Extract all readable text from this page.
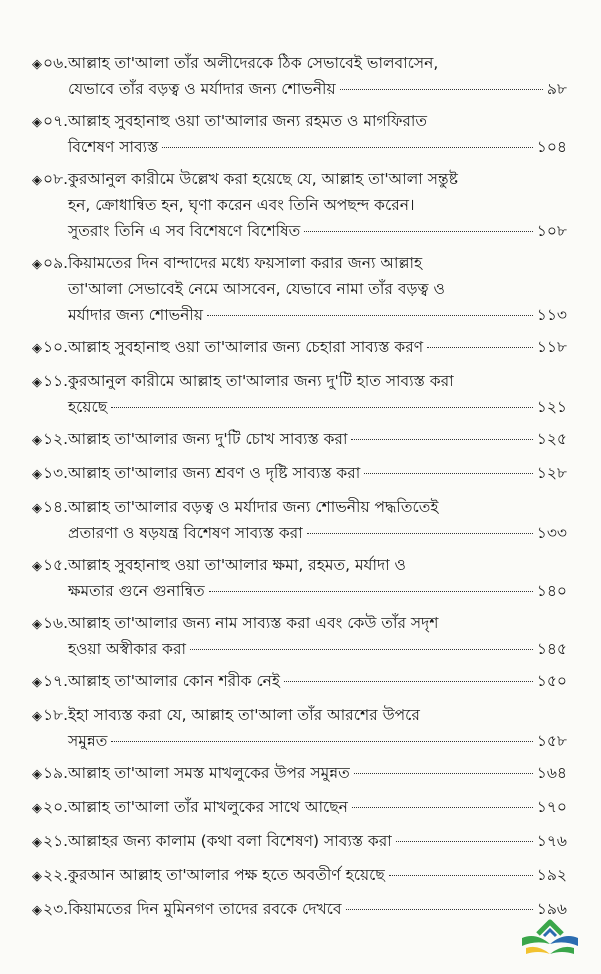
◈ ০৬. আল্লাহ তা'আলা তাঁর অলীদেরকে ঠিক সেভাবেই ভালবাসেন,
যেভাবে তাঁর বড়ত্ব ও মর্যাদার জন্য শোভনীয়	৯৮
◈ ০৭. আল্লাহ সুবহানাহু ওয়া তা'আলার জন্য রহমত ও মাগফিরাত
বিশেষণ সাব্যস্ত	১০৪
◈ ০৮. কুরআনুল কারীমে উল্লেখ করা হয়েছে যে, আল্লাহ তা'আলা সন্তুষ্ট
হন, ক্রোধান্বিত হন, ঘৃণা করেন এবং তিনি অপছন্দ করেন।
সুতরাং তিনি এ সব বিশেষণে বিশেষিত	১০৮
◈ ০৯. কিয়ামতের দিন বান্দাদের মধ্যে ফয়সালা করার জন্য আল্লাহ
তা'আলা সেভাবেই নেমে আসবেন, যেভাবে নামা তাঁর বড়ত্ব ও
মর্যাদার জন্য শোভনীয়	১১৩
◈ ১০. আল্লাহ সুবহানাহু ওয়া তা'আলার জন্য চেহারা সাব্যস্ত করণ	১১৮
◈ ১১. কুরআনুল কারীমে আল্লাহ তা'আলার জন্য দু'টি হাত সাব্যস্ত করা
হয়েছে	১২১
◈ ১২. আল্লাহ তা'আলার জন্য দু'টি চোখ সাব্যস্ত করা	১২৫
◈ ১৩. আল্লাহ তা'আলার জন্য শ্রবণ ও দৃষ্টি সাব্যস্ত করা	১২৮
◈ ১৪. আল্লাহ তা'আলার বড়ত্ব ও মর্যাদার জন্য শোভনীয় পদ্ধতিতেই
প্রতারণা ও ষড়যন্ত্র বিশেষণ সাব্যস্ত করা	১৩৩
◈ ১৫. আল্লাহ সুবহানাহু ওয়া তা'আলার ক্ষমা, রহমত, মর্যাদা ও
ক্ষমতার গুনে গুনান্বিত	১৪০
◈ ১৬. আল্লাহ তা'আলার জন্য নাম সাব্যস্ত করা এবং কেউ তাঁর সদৃশ
হওয়া অস্বীকার করা	১৪৫
◈ ১৭. আল্লাহ তা'আলার কোন শরীক নেই	১৫০
◈ ১৮. ইহা সাব্যস্ত করা যে, আল্লাহ তা'আলা তাঁর আরশের উপরে
সমুন্নত	১৫৮
◈ ১৯. আল্লাহ তা'আলা সমস্ত মাখলুকের উপর সমুন্নত	১৬৪
◈ ২০. আল্লাহ তা'আলা তাঁর মাখলুকের সাথে আছেন	১৭০
◈ ২১. আল্লাহর জন্য কালাম (কথা বলা বিশেষণ) সাব্যস্ত করা	১৭৬
◈ ২২. কুরআন আল্লাহ তা'আলার পক্ষ হতে অবতীর্ণ হয়েছে	১৯২
◈ ২৩. কিয়ামতের দিন মুমিনগণ তাদের রবকে দেখবে	১৯৬
